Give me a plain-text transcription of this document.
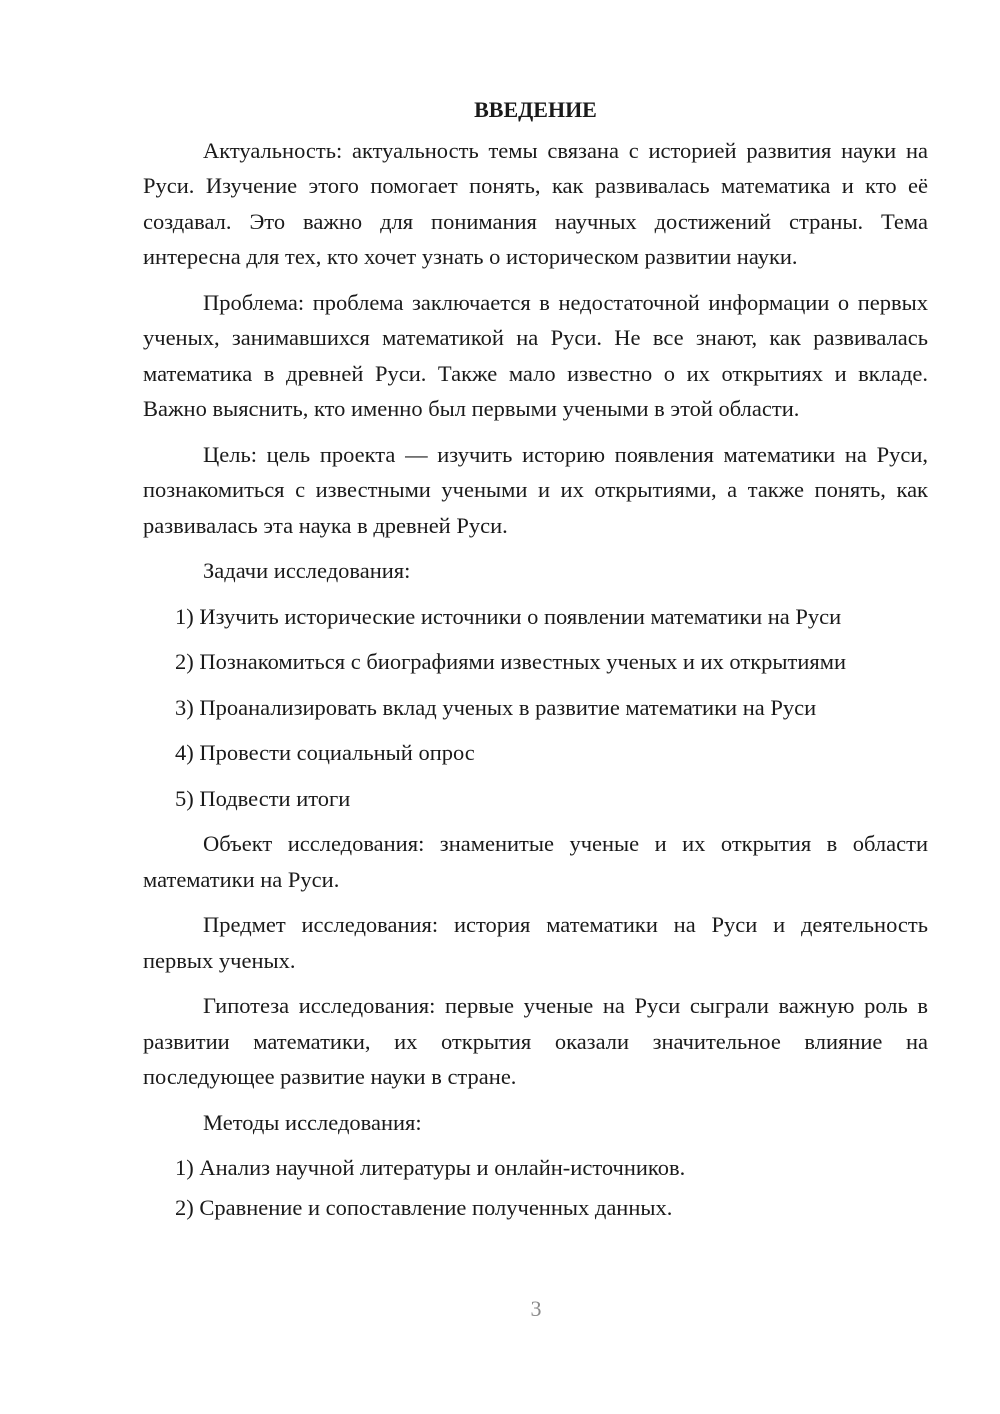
ВВЕДЕНИЕ

Актуальность: актуальность темы связана с историей развития науки на Руси. Изучение этого помогает понять, как развивалась математика и кто её создавал. Это важно для понимания научных достижений страны. Тема интересна для тех, кто хочет узнать о историческом развитии науки.

Проблема: проблема заключается в недостаточной информации о первых ученых, занимавшихся математикой на Руси. Не все знают, как развивалась математика в древней Руси. Также мало известно о их открытиях и вкладе. Важно выяснить, кто именно был первыми учеными в этой области.

Цель: цель проекта — изучить историю появления математики на Руси, познакомиться с известными учеными и их открытиями, а также понять, как развивалась эта наука в древней Руси.

Задачи исследования:

1) Изучить исторические источники о появлении математики на Руси
2) Познакомиться с биографиями известных ученых и их открытиями
3) Проанализировать вклад ученых в развитие математики на Руси
4) Провести социальный опрос
5) Подвести итоги

Объект исследования: знаменитые ученые и их открытия в области математики на Руси.

Предмет исследования: история математики на Руси и деятельность первых ученых.

Гипотеза исследования: первые ученые на Руси сыграли важную роль в развитии математики, их открытия оказали значительное влияние на последующее развитие науки в стране.

Методы исследования:

1) Анализ научной литературы и онлайн-источников.
2) Сравнение и сопоставление полученных данных.
3
